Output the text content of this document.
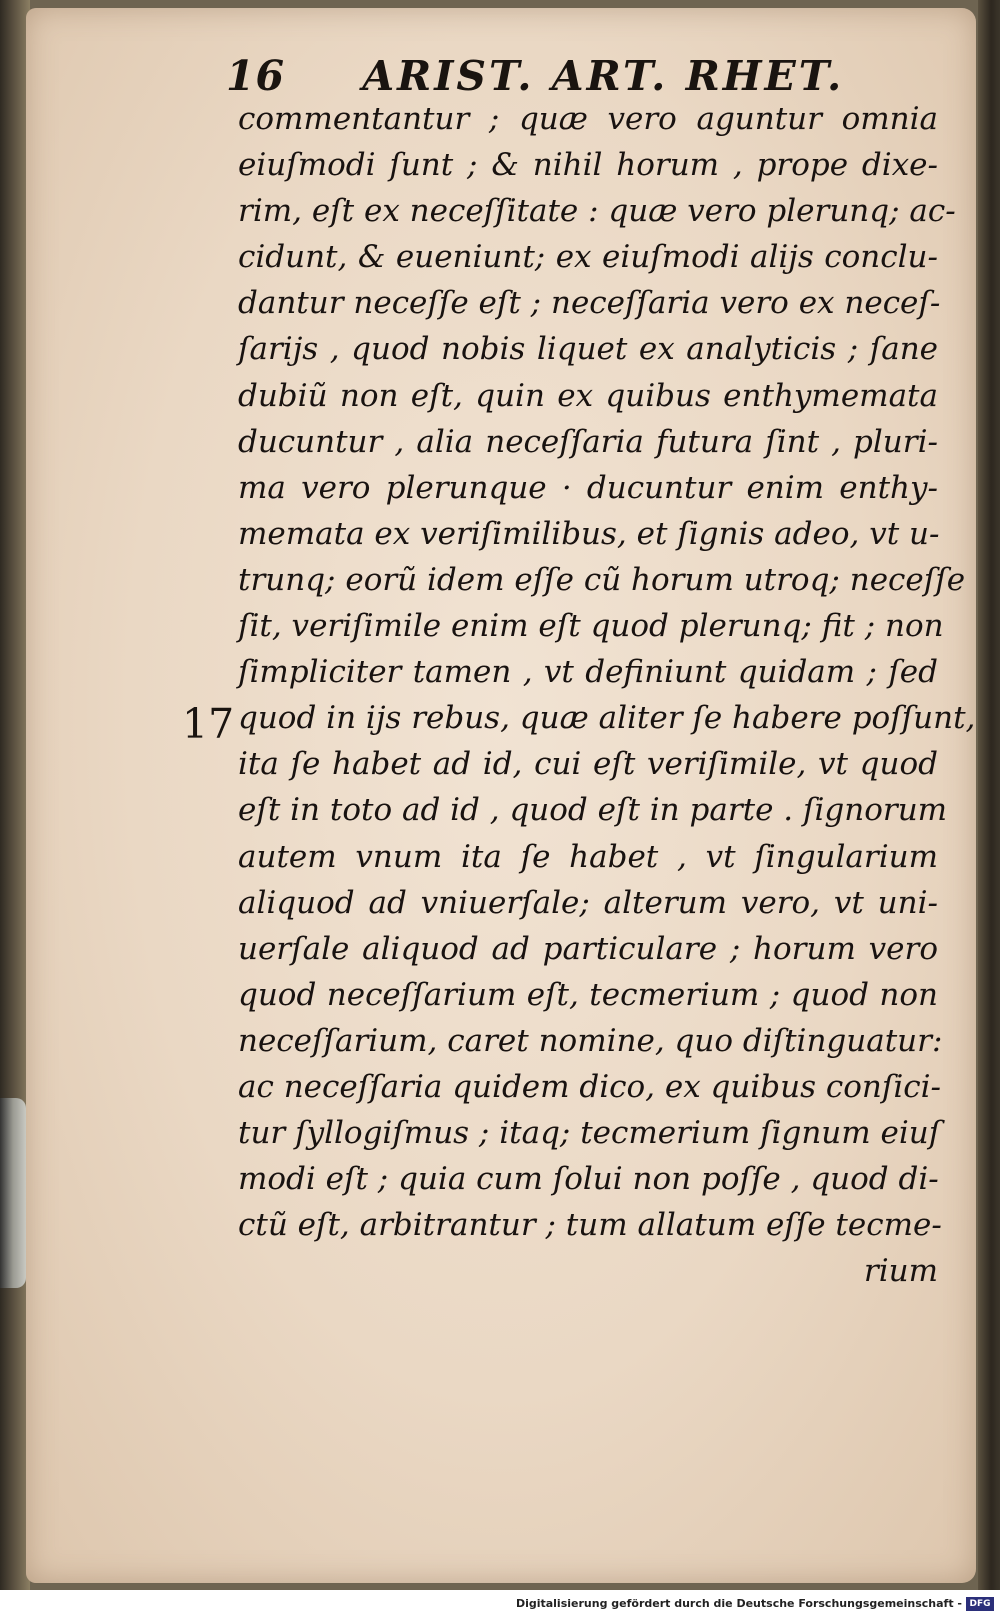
16 ARIST. ART. RHET.
17
commentantur ; quæ vero aguntur omnia
eiuſmodi ſunt ; & nihil horum , prope dixe-
rim, eſt ex neceſſitate : quæ vero plerunq; ac-
cidunt, & eueniunt; ex eiuſmodi alijs conclu-
dantur neceſſe eſt ; neceſſaria vero ex neceſ-
ſarijs , quod nobis liquet ex analyticis ; ſane
dubiũ non eſt, quin ex quibus enthymemata
ducuntur , alia neceſſaria futura ſint , pluri-
ma vero plerunque · ducuntur enim enthy-
memata ex veriſimilibus, et ſignis adeo, vt u-
trunq; eorũ idem eſſe cũ horum utroq; neceſſe
ſit, veriſimile enim eſt quod plerunq; fit ; non
ſimpliciter tamen , vt definiunt quidam ; ſed
quod in ijs rebus, quæ aliter ſe habere poſſunt,
ita ſe habet ad id, cui eſt veriſimile, vt quod
eſt in toto ad id , quod eſt in parte . ſignorum
autem vnum ita ſe habet , vt ſingularium
aliquod ad vniuerſale; alterum vero, vt uni-
uerſale aliquod ad particulare ; horum vero
quod neceſſarium eſt, tecmerium ; quod non
neceſſarium, caret nomine, quo diſtinguatur:
ac neceſſaria quidem dico, ex quibus conſici-
tur ſyllogiſmus ; itaq; tecmerium ſignum eiuſ
modi eſt ; quia cum ſolui non poſſe , quod di-
ctũ eſt, arbitrantur ; tum allatum eſſe tecme-
rium
Digitalisierung gefördert durch die Deutsche Forschungsgemeinschaft - DFG
